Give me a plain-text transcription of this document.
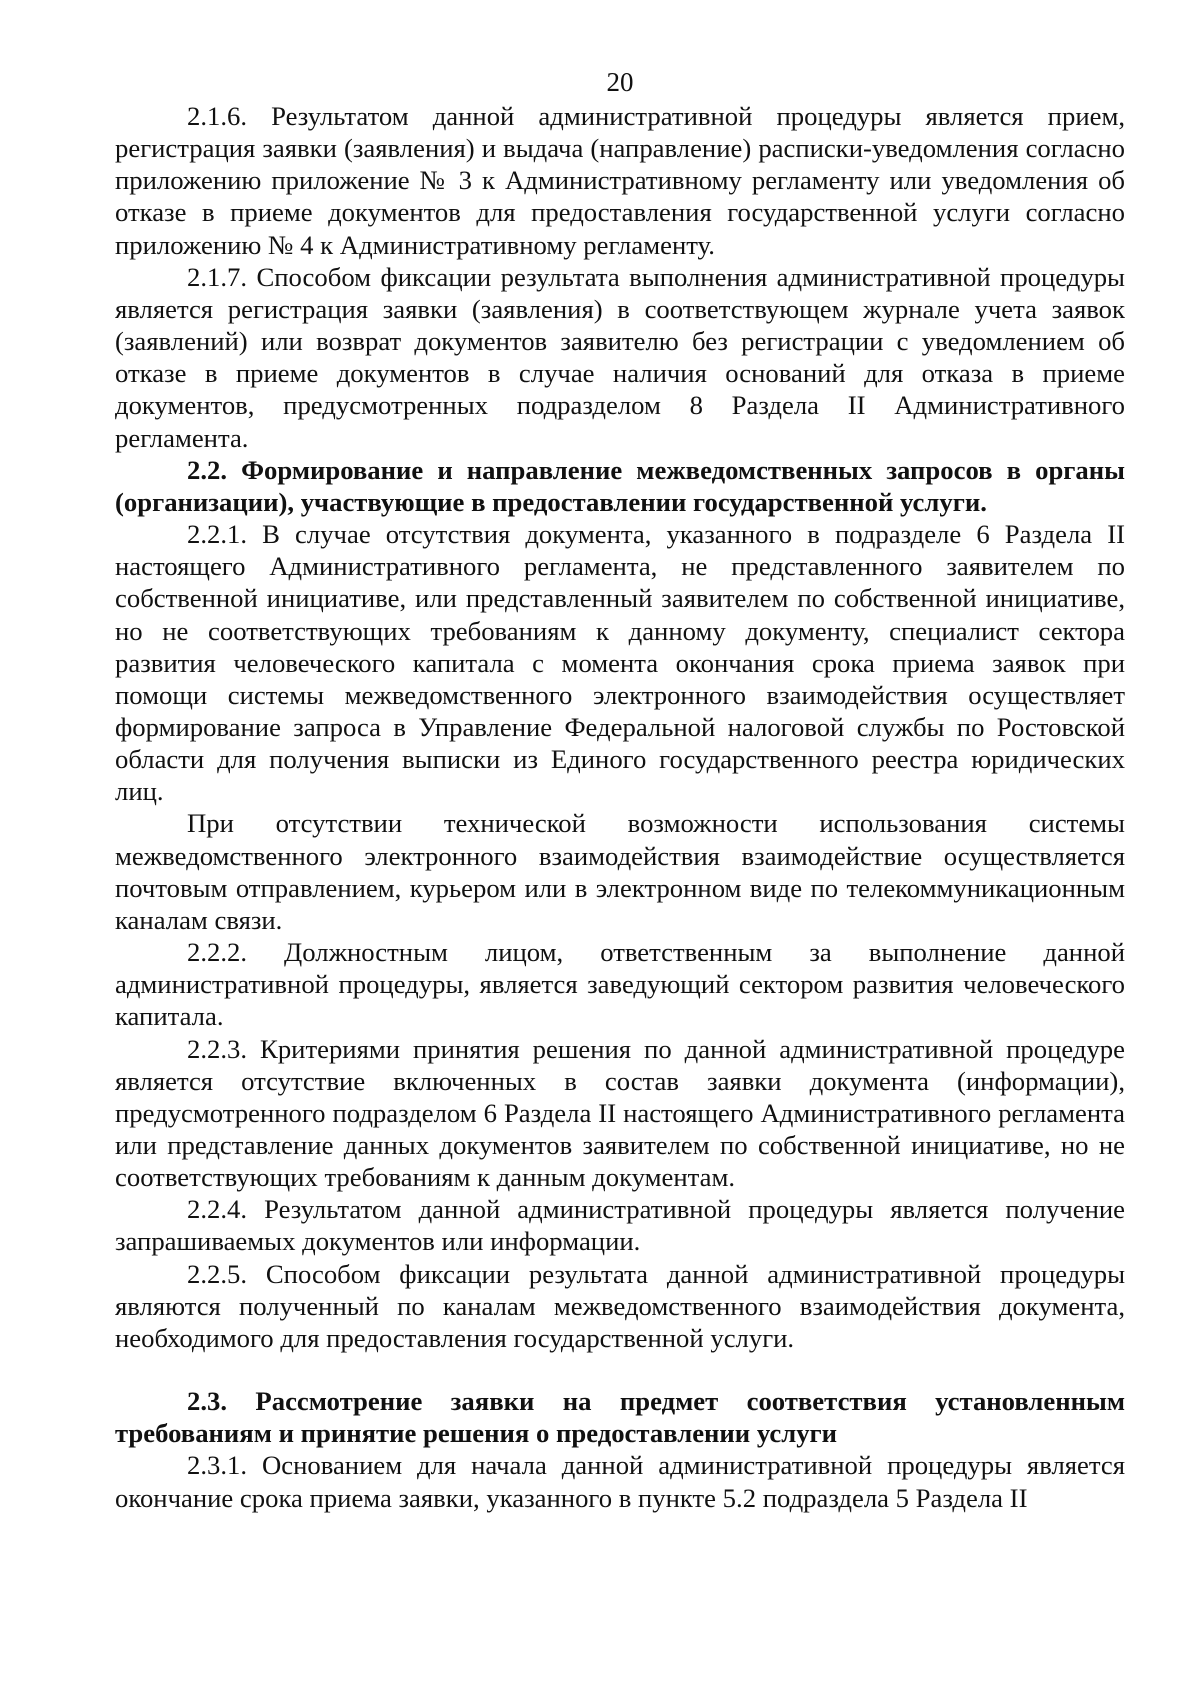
20

2.1.6. Результатом данной административной процедуры является прием, регистрация заявки (заявления) и выдача (направление) расписки-уведомления согласно приложению приложение № 3 к Административному регламенту или уведомления об отказе в приеме документов для предоставления государственной услуги согласно приложению № 4 к Административному регламенту.

2.1.7. Способом фиксации результата выполнения административной процедуры является регистрация заявки (заявления) в соответствующем журнале учета заявок (заявлений) или возврат документов заявителю без регистрации с уведомлением об отказе в приеме документов в случае наличия оснований для отказа в приеме документов, предусмотренных подразделом 8 Раздела II Административного регламента.

2.2. Формирование и направление межведомственных запросов в органы (организации), участвующие в предоставлении государственной услуги.

2.2.1. В случае отсутствия документа, указанного в подразделе 6 Раздела II настоящего Административного регламента, не представленного заявителем по собственной инициативе, или представленный заявителем по собственной инициативе, но не соответствующих требованиям к данному документу, специалист сектора развития человеческого капитала с момента окончания срока приема заявок при помощи системы межведомственного электронного взаимодействия осуществляет формирование запроса в Управление Федеральной налоговой службы по Ростовской области для получения выписки из Единого государственного реестра юридических лиц.

При отсутствии технической возможности использования системы межведомственного электронного взаимодействия взаимодействие осуществляется почтовым отправлением, курьером или в электронном виде по телекоммуникационным каналам связи.

2.2.2. Должностным лицом, ответственным за выполнение данной административной процедуры, является заведующий сектором развития человеческого капитала.

2.2.3. Критериями принятия решения по данной административной процедуре является отсутствие включенных в состав заявки документа (информации), предусмотренного подразделом 6 Раздела II настоящего Административного регламента или представление данных документов заявителем по собственной инициативе, но не соответствующих требованиям к данным документам.

2.2.4. Результатом данной административной процедуры является получение запрашиваемых документов или информации.

2.2.5. Способом фиксации результата данной административной процедуры являются полученный по каналам межведомственного взаимодействия документа, необходимого для предоставления государственной услуги.

2.3. Рассмотрение заявки на предмет соответствия установленным требованиям и принятие решения о предоставлении услуги

2.3.1. Основанием для начала данной административной процедуры является окончание срока приема заявки, указанного в пункте 5.2 подраздела 5 Раздела II
